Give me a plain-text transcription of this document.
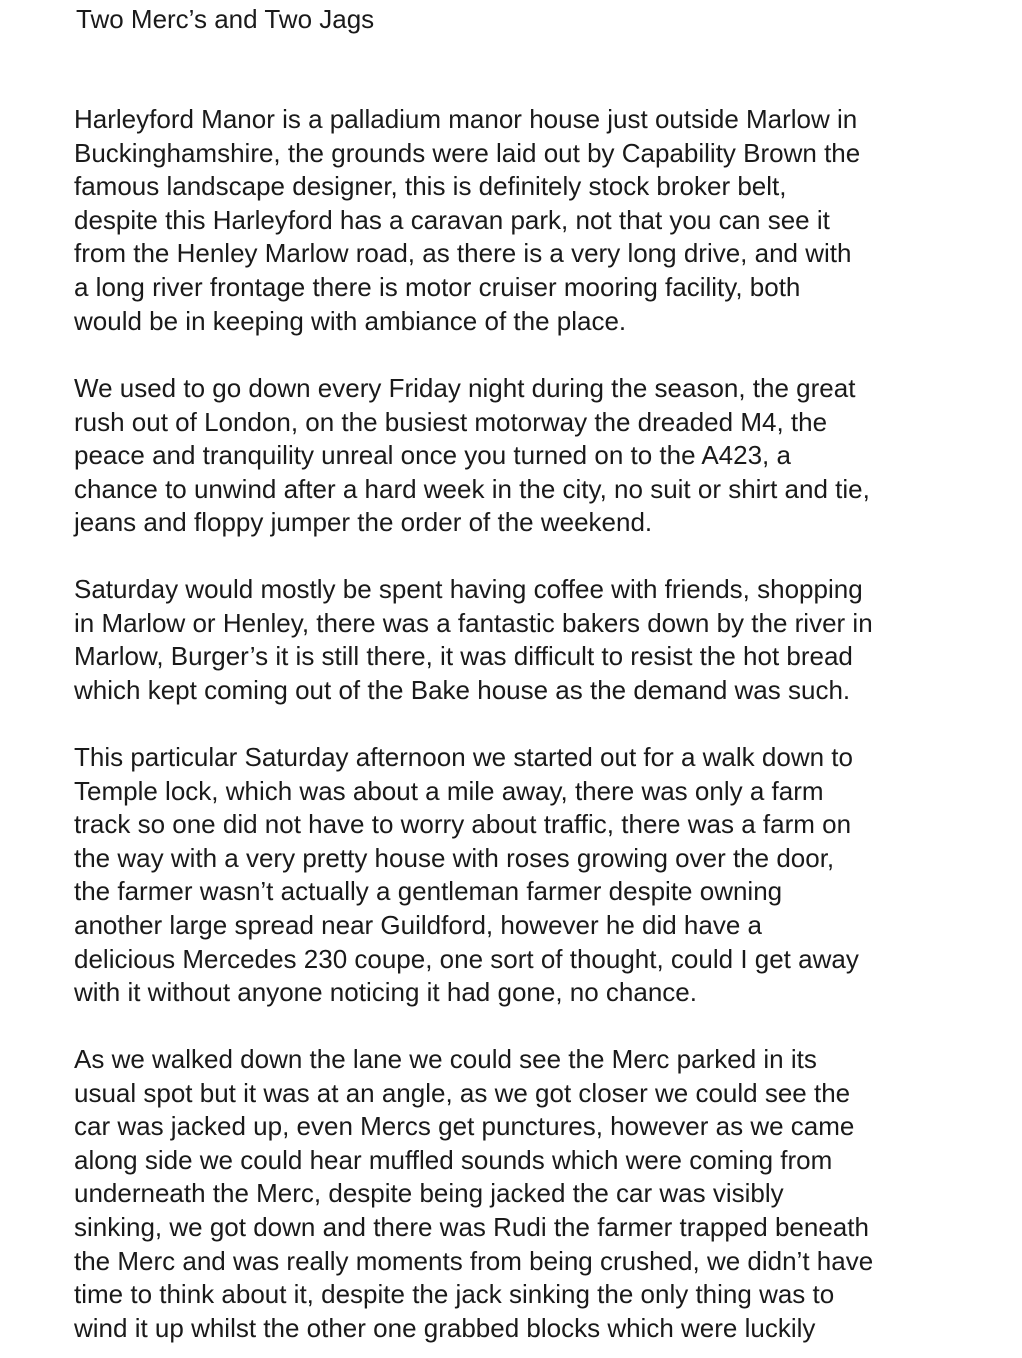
Two Merc’s and Two Jags
Harleyford Manor is a palladium manor house just outside Marlow in
Buckinghamshire, the grounds were laid out by Capability Brown the
famous landscape designer, this is definitely stock broker belt,
despite this Harleyford has a caravan park, not that you can see it
from the Henley Marlow road, as there is a very long drive, and with
a long river frontage there is motor cruiser mooring facility, both
would be in keeping with ambiance of the place.
We used to go down every Friday night during the season, the great
rush out of London, on the busiest motorway the dreaded M4, the
peace and tranquility unreal once you turned on to the A423, a
chance to unwind after a hard week in the city, no suit or shirt and tie,
jeans and floppy jumper the order of the weekend.
Saturday would mostly be spent having coffee with friends, shopping
in Marlow or Henley, there was a fantastic bakers down by the river in
Marlow, Burger’s it is still there, it was difficult to resist the hot bread
which kept coming out of the Bake house as the demand was such.
This particular Saturday afternoon we started out for a walk down to
Temple lock, which was about a mile away, there was only a farm
track so one did not have to worry about traffic, there was a farm on
the way with a very pretty house with roses growing over the door,
the farmer wasn’t actually a gentleman farmer despite owning
another large spread near Guildford, however he did have a
delicious Mercedes 230 coupe, one sort of thought, could I get away
with it without anyone noticing it had gone, no chance.
As we walked down the lane we could see the Merc parked in its
usual spot but it was at an angle, as we got closer we could see the
car was jacked up, even Mercs get punctures, however as we came
along side we could hear muffled sounds which were coming from
underneath the Merc, despite being jacked the car was visibly
sinking, we got down and there was Rudi the farmer trapped beneath
the Merc and was really moments from being crushed, we didn’t have
time to think about it, despite the jack sinking the only thing was to
wind it up whilst the other one grabbed blocks which were luckily
